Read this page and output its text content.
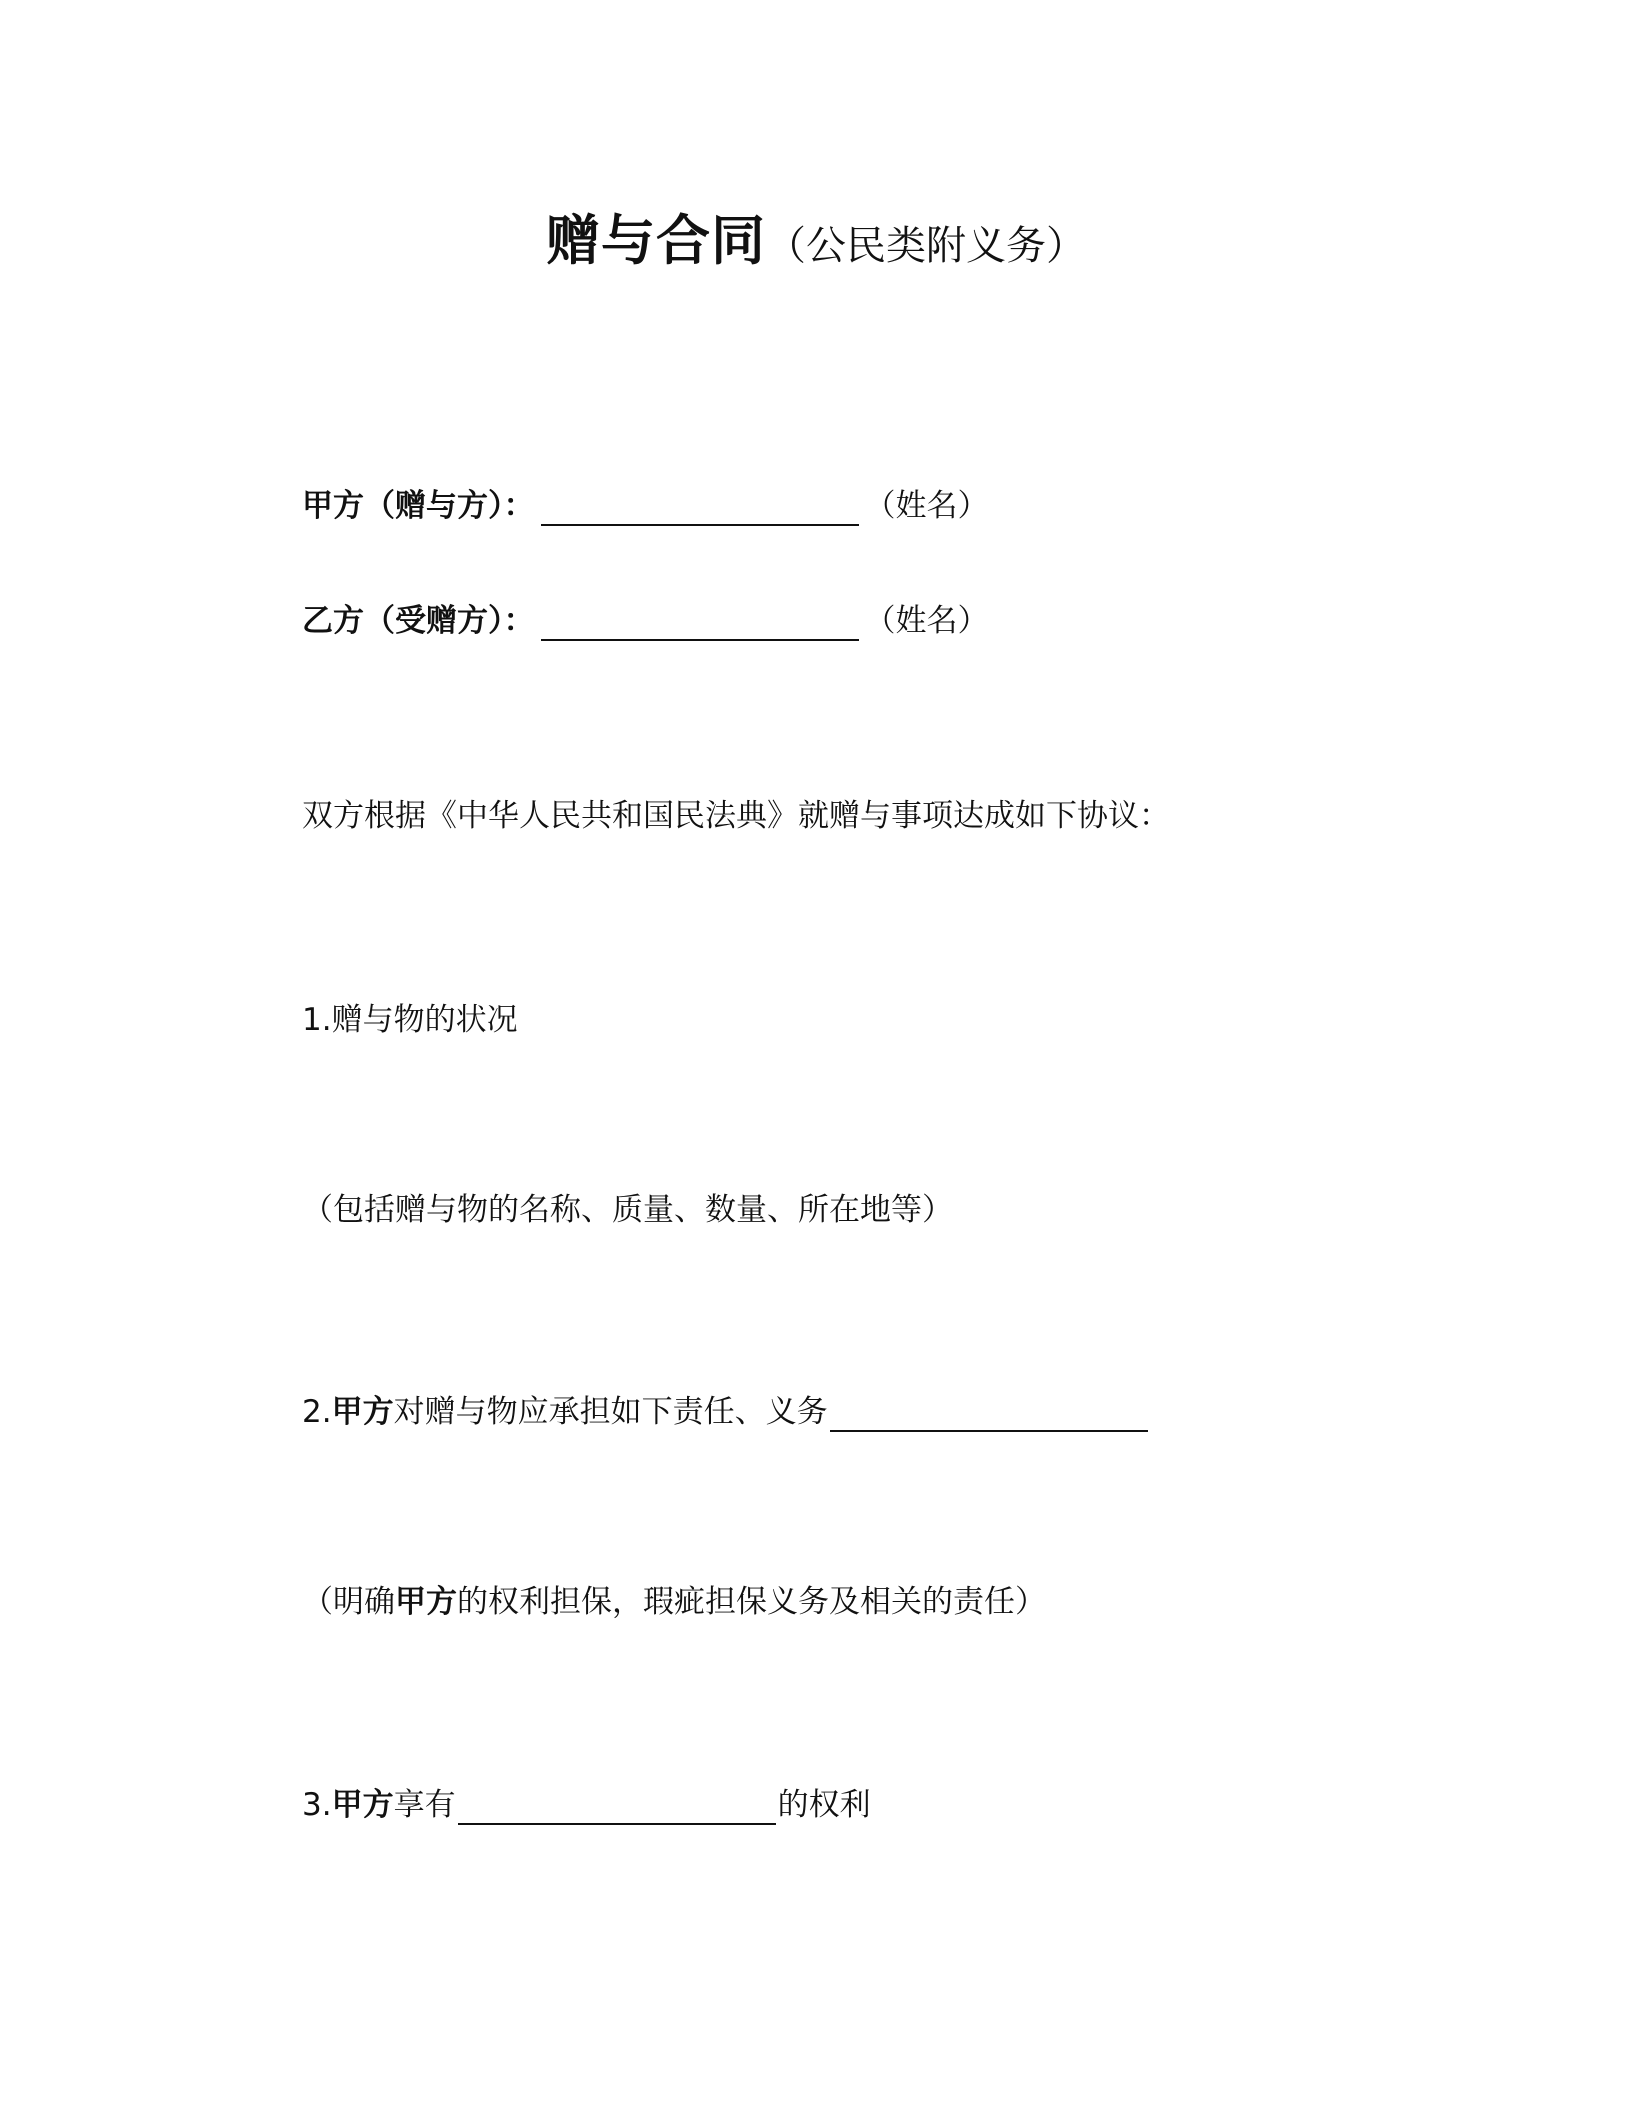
赠与合同（公民类附义务）
甲方（赠与方）：	（姓名）
乙方（受赠方）：	（姓名）
双方根据《中华人民共和国民法典》就赠与事项达成如下协议：
1.赠与物的状况
（包括赠与物的名称、质量、数量、所在地等）
2. 甲方 对赠与物应承担如下责任、义务
（明确 甲方 的权利担保，瑕疵担保义务及相关的责任）
3. 甲方 享有	的权利
